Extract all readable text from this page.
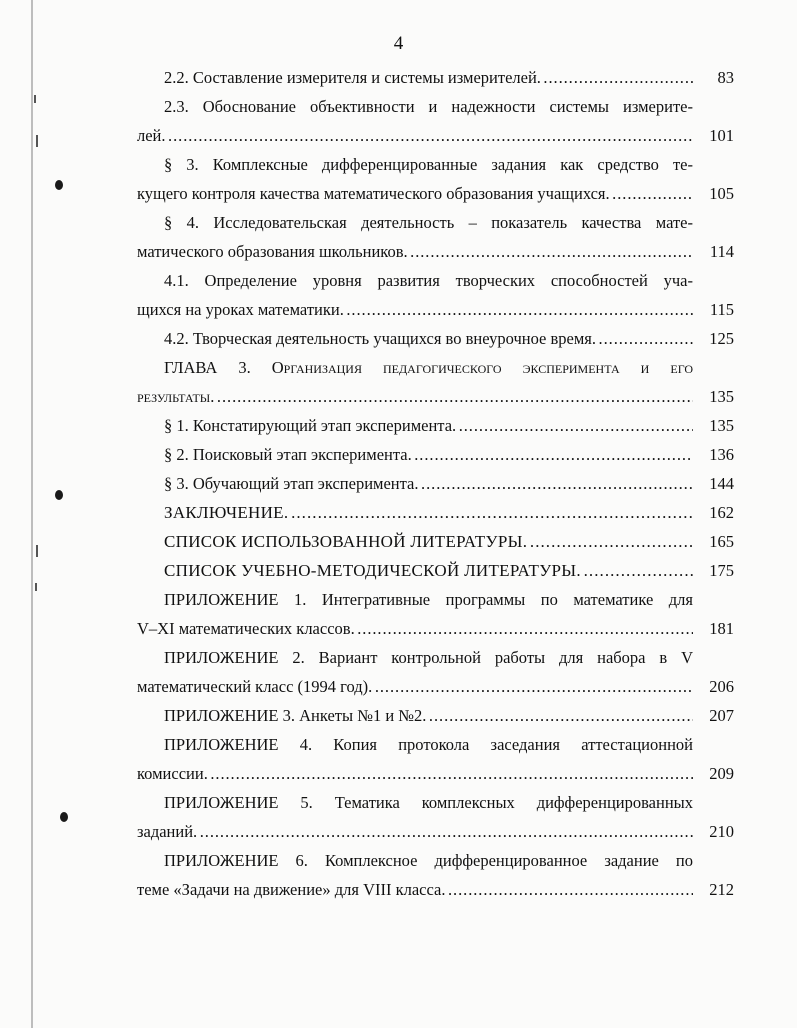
4
2.2. Составление измерителя и системы измерителей. . . .	83
2.3. Обоснование объективности и надежности системы измерите-
лей. . . .	101
§ 3. Комплексные дифференцированные задания как средство те-
кущего контроля качества математического образования учащихся. . . .	105
§ 4. Исследовательская деятельность – показатель качества мате-
матического образования школьников. . . .	114
4.1. Определение уровня развития творческих способностей уча-
щихся на уроках математики. . . .	115
4.2. Творческая деятельность учащихся во внеурочное время. . . .	125
ГЛАВА 3. Организация педагогического эксперимента и его
результаты. . . .	135
§ 1. Констатирующий этап эксперимента. . . .	135
§ 2. Поисковый этап эксперимента. . . .	136
§ 3. Обучающий этап эксперимента. . . .	144
ЗАКЛЮЧЕНИЕ. . . .	162
СПИСОК ИСПОЛЬЗОВАННОЙ ЛИТЕРАТУРЫ. . . .	165
СПИСОК УЧЕБНО-МЕТОДИЧЕСКОЙ ЛИТЕРАТУРЫ. . . .	175
ПРИЛОЖЕНИЕ 1. Интегративные программы по математике для
V–XI математических классов. . . .	181
ПРИЛОЖЕНИЕ 2. Вариант контрольной работы для набора в V
математический класс (1994 год). . . .	206
ПРИЛОЖЕНИЕ 3. Анкеты №1 и №2. . . .	207
ПРИЛОЖЕНИЕ 4. Копия протокола заседания аттестационной
комиссии. . . .	209
ПРИЛОЖЕНИЕ 5. Тематика комплексных дифференцированных
заданий. . . .	210
ПРИЛОЖЕНИЕ 6. Комплексное дифференцированное задание по
теме «Задачи на движение» для VIII класса. . . .	212
